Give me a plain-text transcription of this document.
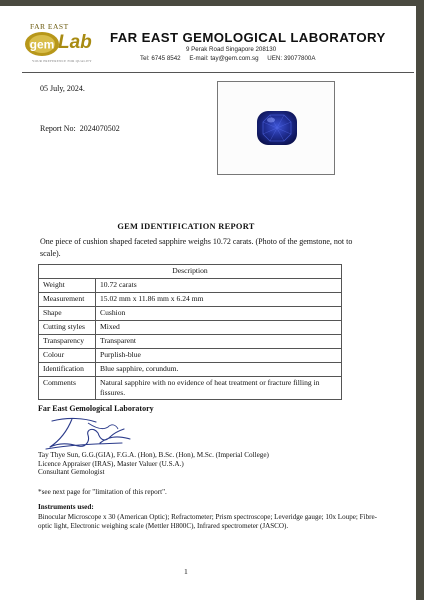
FAR EAST
gem Lab
YOUR PREFERENCE FOR QUALITY
FAR EAST GEMOLOGICAL LABORATORY
9 Perak Road Singapore 208130
Tel: 6745 8542 E-mail: tay@gem.com.sg UEN: 39077800A
05 July, 2024.
Report No: 2024070502
GEM IDENTIFICATION REPORT
One piece of cushion shaped faceted sapphire weighs 10.72 carats. (Photo of the gemstone, not to scale).
Description	
Weight	10.72 carats
Measurement	15.02 mm x 11.86 mm x 6.24 mm
Shape	Cushion
Cutting styles	Mixed
Transparency	Transparent
Colour	Purplish-blue
Identification	Blue sapphire, corundum.
Comments	Natural sapphire with no evidence of heat treatment or fracture filling in fissures.
Far East Gemological Laboratory
Tay Thye Sun, G.G.(GIA), F.G.A. (Hon), B.Sc. (Hon), M.Sc. (Imperial College)
Licence Appraiser (IRAS), Master Valuer (U.S.A.)
Consultant Gemologist
*see next page for "limitation of this report".
Instruments used:
Binocular Microscope x 30 (American Optic); Refractometer; Prism spectroscope; Leveridge gauge; 10x Loupe; Fibre-optic light, Electronic weighing scale (Mettler H800C), Infrared spectrometer (JASCO).
1
